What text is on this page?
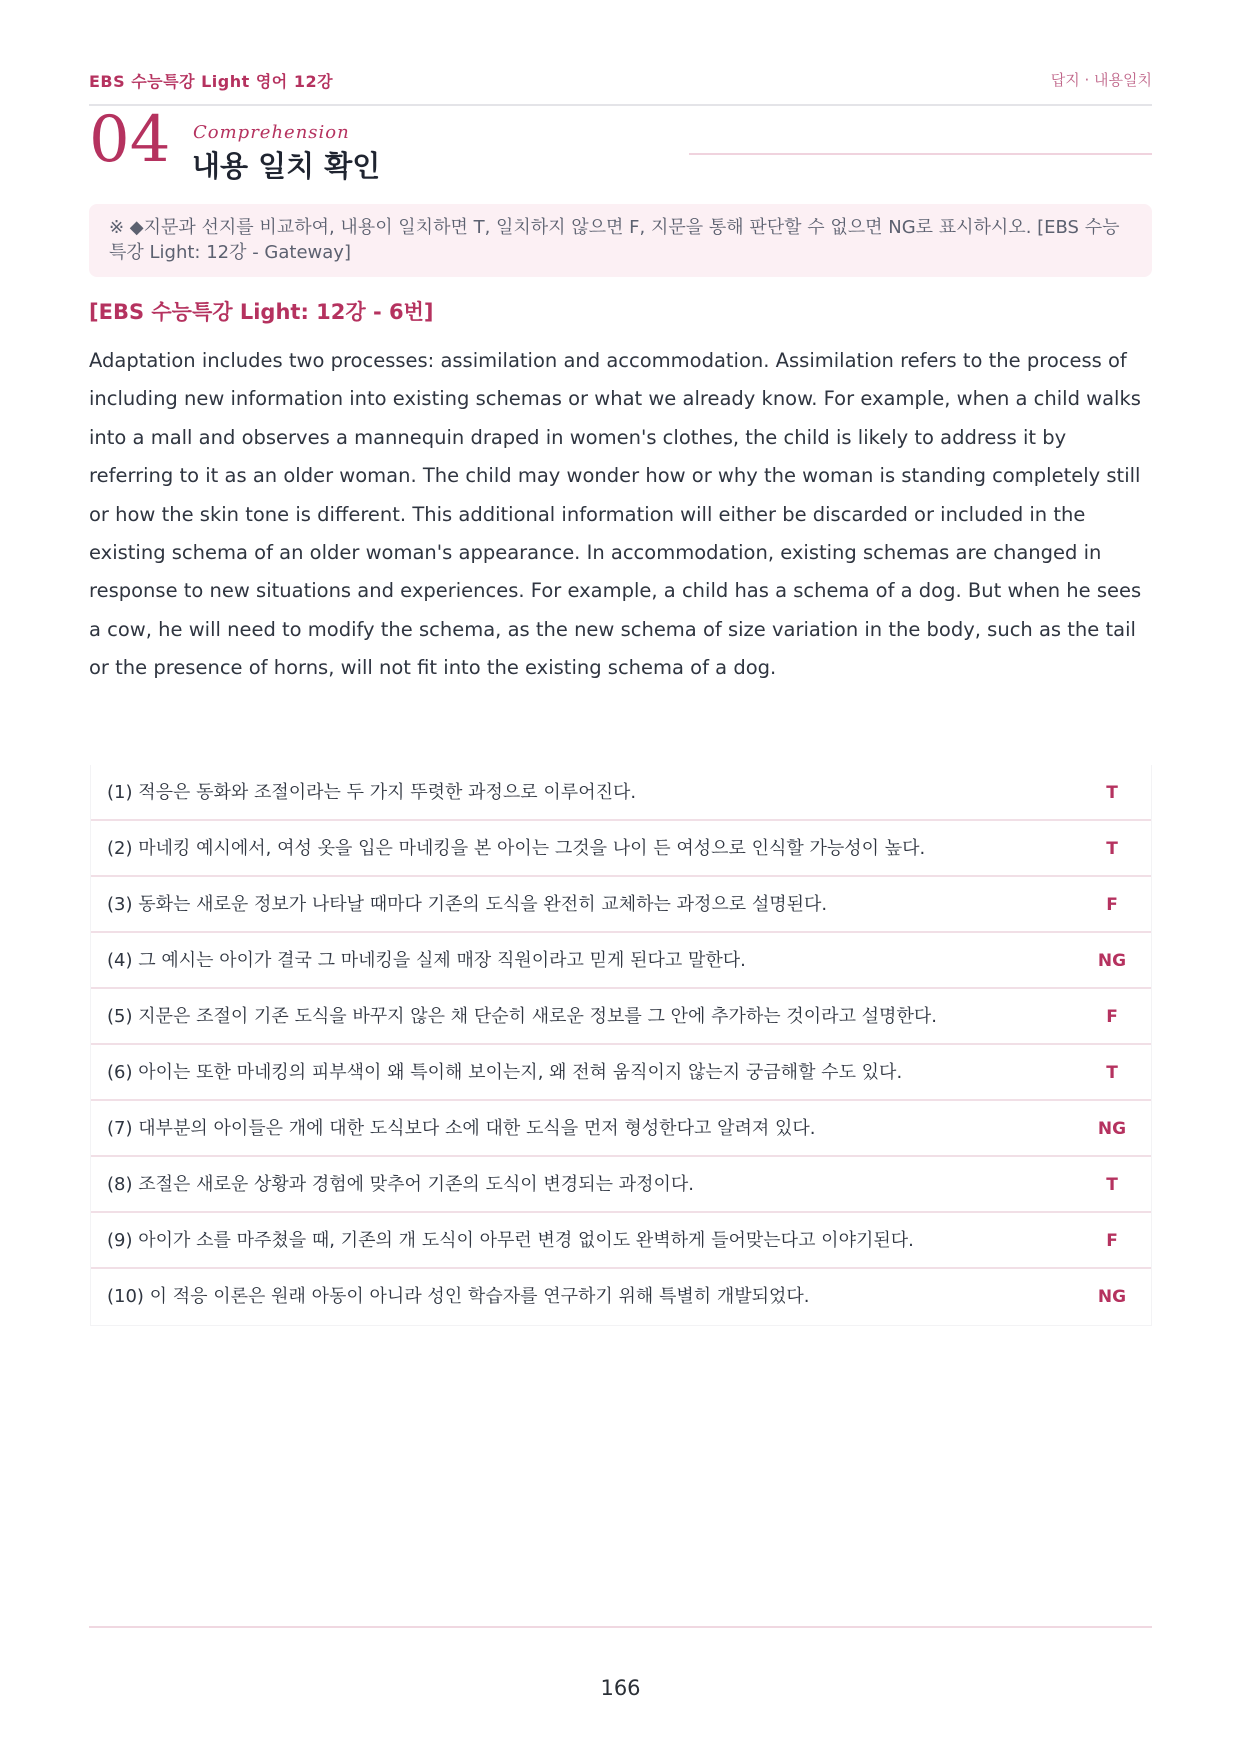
EBS 수능특강 Light 영어 12강	답지 · 내용일치
04 Comprehension
내용 일치 확인
※ ◆지문과 선지를 비교하여, 내용이 일치하면 T, 일치하지 않으면 F, 지문을 통해 판단할 수 없으면 NG로 표시하시오. [EBS 수능특강 Light: 12강 - Gateway]
[EBS 수능특강 Light: 12강 - 6번]
Adaptation includes two processes: assimilation and accommodation. Assimilation refers to the process of including new information into existing schemas or what we already know. For example, when a child walks into a mall and observes a mannequin draped in women's clothes, the child is likely to address it by referring to it as an older woman. The child may wonder how or why the woman is standing completely still or how the skin tone is different. This additional information will either be discarded or included in the existing schema of an older woman's appearance. In accommodation, existing schemas are changed in response to new situations and experiences. For example, a child has a schema of a dog. But when he sees a cow, he will need to modify the schema, as the new schema of size variation in the body, such as the tail or the presence of horns, will not fit into the existing schema of a dog.
(1) 적응은 동화와 조절이라는 두 가지 뚜렷한 과정으로 이루어진다.	T
(2) 마네킹 예시에서, 여성 옷을 입은 마네킹을 본 아이는 그것을 나이 든 여성으로 인식할 가능성이 높다.	T
(3) 동화는 새로운 정보가 나타날 때마다 기존의 도식을 완전히 교체하는 과정으로 설명된다.	F
(4) 그 예시는 아이가 결국 그 마네킹을 실제 매장 직원이라고 믿게 된다고 말한다.	NG
(5) 지문은 조절이 기존 도식을 바꾸지 않은 채 단순히 새로운 정보를 그 안에 추가하는 것이라고 설명한다.	F
(6) 아이는 또한 마네킹의 피부색이 왜 특이해 보이는지, 왜 전혀 움직이지 않는지 궁금해할 수도 있다.	T
(7) 대부분의 아이들은 개에 대한 도식보다 소에 대한 도식을 먼저 형성한다고 알려져 있다.	NG
(8) 조절은 새로운 상황과 경험에 맞추어 기존의 도식이 변경되는 과정이다.	T
(9) 아이가 소를 마주쳤을 때, 기존의 개 도식이 아무런 변경 없이도 완벽하게 들어맞는다고 이야기된다.	F
(10) 이 적응 이론은 원래 아동이 아니라 성인 학습자를 연구하기 위해 특별히 개발되었다.	NG
166
